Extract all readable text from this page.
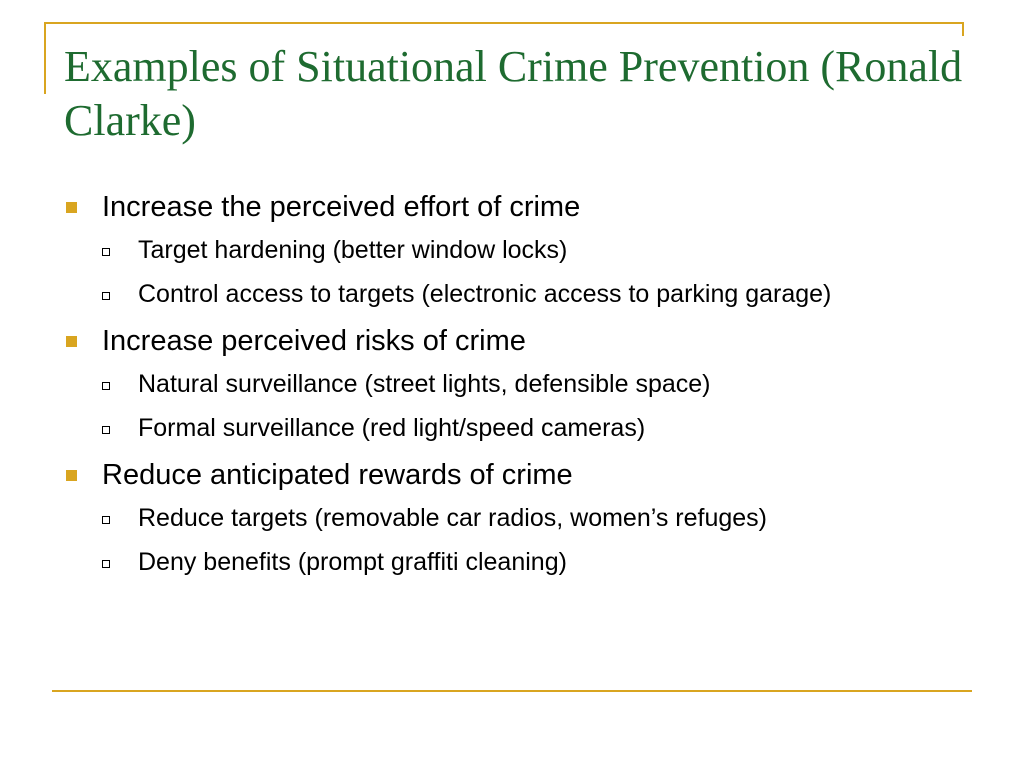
Examples of Situational Crime Prevention (Ronald Clarke)
Increase the perceived effort of crime
Target hardening (better window locks)
Control access to targets (electronic access to parking garage)
Increase perceived risks of crime
Natural surveillance (street lights, defensible space)
Formal surveillance (red light/speed cameras)
Reduce anticipated rewards of crime
Reduce targets (removable car radios, women’s refuges)
Deny benefits (prompt graffiti cleaning)
